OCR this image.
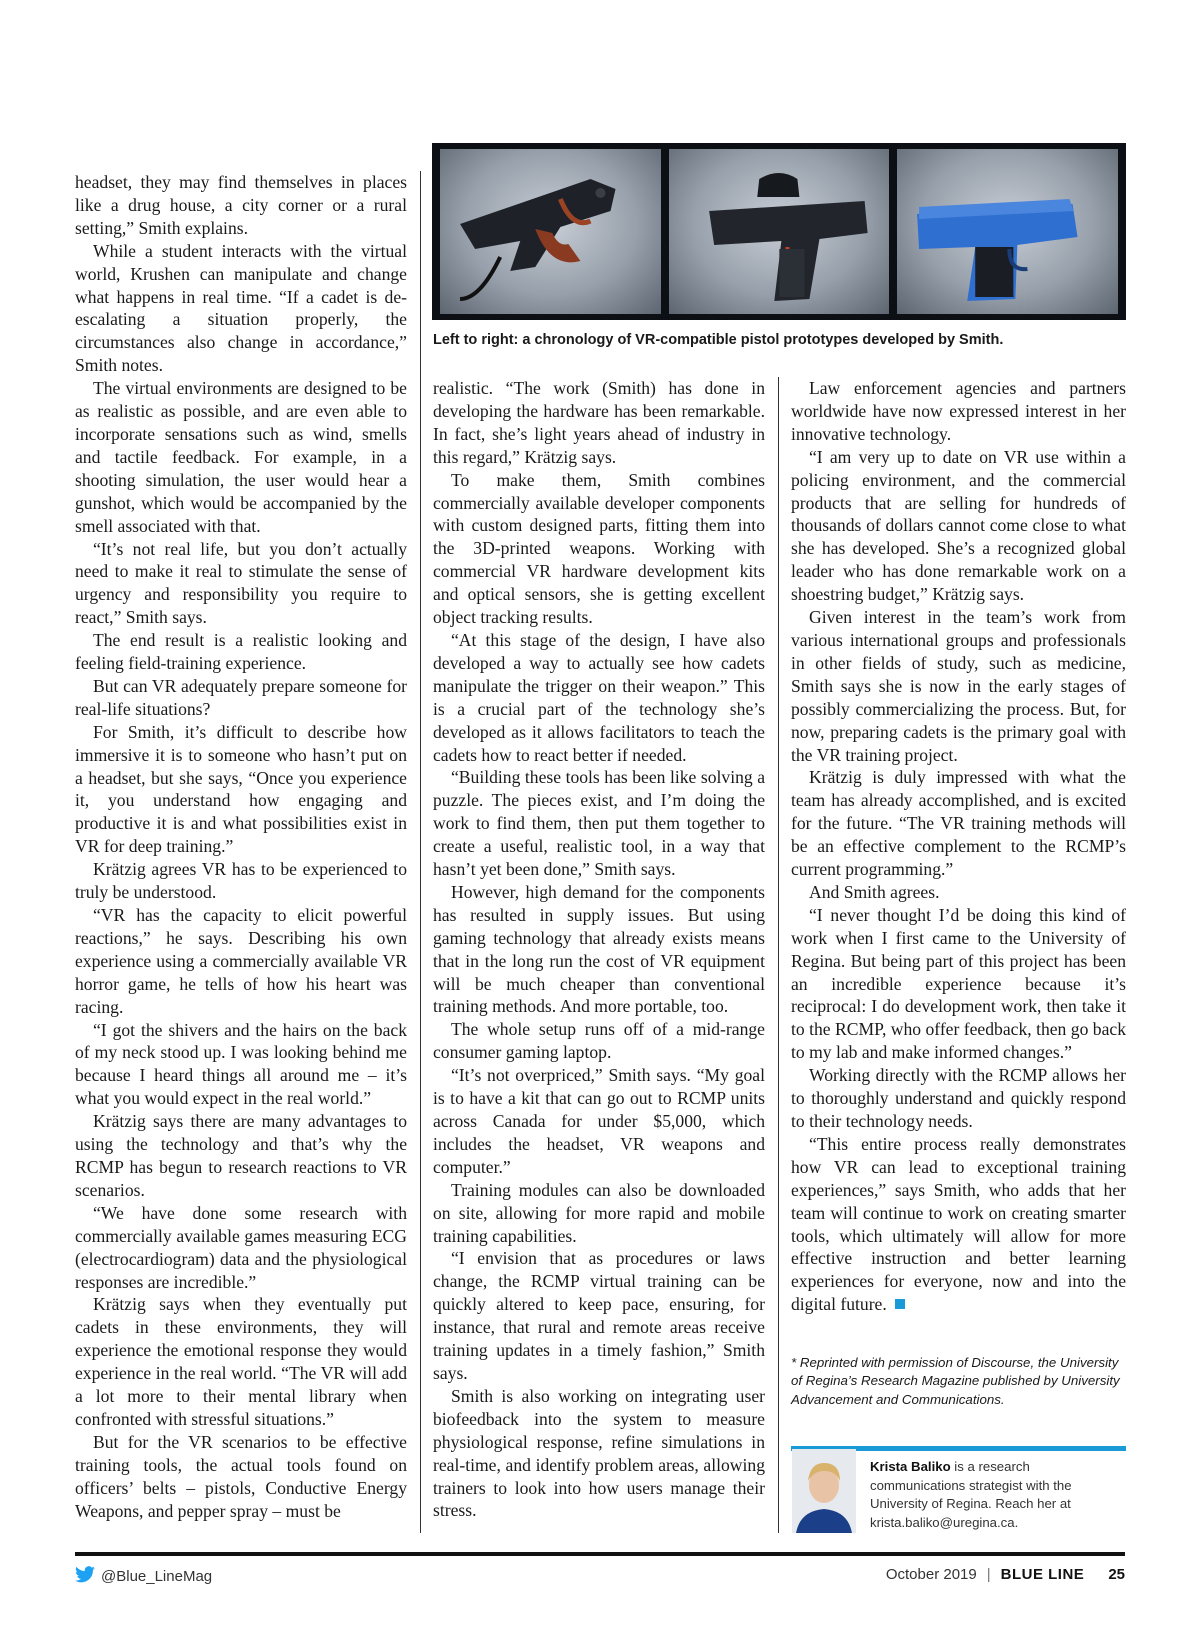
Left to right: a chronology of VR-compatible pistol prototypes developed by Smith.

headset, they may find themselves in places like a drug house, a city corner or a rural setting,” Smith explains.

While a student interacts with the virtual world, Krushen can manipulate and change what happens in real time. “If a cadet is de-escalating a situation properly, the circumstances also change in accordance,” Smith notes.

The virtual environments are designed to be as realistic as possible, and are even able to incorporate sensations such as wind, smells and tactile feedback. For example, in a shooting simulation, the user would hear a gunshot, which would be accompanied by the smell associated with that.

“It’s not real life, but you don’t actually need to make it real to stimulate the sense of urgency and responsibility you require to react,” Smith says.

The end result is a realistic looking and feeling field-training experience.

But can VR adequately prepare someone for real-life situations?

For Smith, it’s difficult to describe how immersive it is to someone who hasn’t put on a headset, but she says, “Once you experience it, you understand how engaging and productive it is and what possibilities exist in VR for deep training.”

Krätzig agrees VR has to be experienced to truly be understood.

“VR has the capacity to elicit powerful reactions,” he says. Describing his own experience using a commercially available VR horror game, he tells of how his heart was racing.

“I got the shivers and the hairs on the back of my neck stood up. I was looking behind me because I heard things all around me – it’s what you would expect in the real world.”

Krätzig says there are many advantages to using the technology and that’s why the RCMP has begun to research reactions to VR scenarios.

“We have done some research with commercially available games measuring ECG (electrocardiogram) data and the physiological responses are incredible.”

Krätzig says when they eventually put cadets in these environments, they will experience the emotional response they would experience in the real world. “The VR will add a lot more to their mental library when confronted with stressful situations.”

But for the VR scenarios to be effective training tools, the actual tools found on officers’ belts – pistols, Conductive Energy Weapons, and pepper spray – must be

realistic. “The work (Smith) has done in developing the hardware has been remarkable. In fact, she’s light years ahead of industry in this regard,” Krätzig says.

To make them, Smith combines commercially available developer components with custom designed parts, fitting them into the 3D-printed weapons. Working with commercial VR hardware development kits and optical sensors, she is getting excellent object tracking results.

“At this stage of the design, I have also developed a way to actually see how cadets manipulate the trigger on their weapon.” This is a crucial part of the technology she’s developed as it allows facilitators to teach the cadets how to react better if needed.

“Building these tools has been like solving a puzzle. The pieces exist, and I’m doing the work to find them, then put them together to create a useful, realistic tool, in a way that hasn’t yet been done,” Smith says.

However, high demand for the components has resulted in supply issues. But using gaming technology that already exists means that in the long run the cost of VR equipment will be much cheaper than conventional training methods. And more portable, too.

The whole setup runs off of a mid-range consumer gaming laptop.

“It’s not overpriced,” Smith says. “My goal is to have a kit that can go out to RCMP units across Canada for under $5,000, which includes the headset, VR weapons and computer.”

Training modules can also be downloaded on site, allowing for more rapid and mobile training capabilities.

“I envision that as procedures or laws change, the RCMP virtual training can be quickly altered to keep pace, ensuring, for instance, that rural and remote areas receive training updates in a timely fashion,” Smith says.

Smith is also working on integrating user biofeedback into the system to measure physiological response, refine simulations in real-time, and identify problem areas, allowing trainers to look into how users manage their stress.

Law enforcement agencies and partners worldwide have now expressed interest in her innovative technology.

“I am very up to date on VR use within a policing environment, and the commercial products that are selling for hundreds of thousands of dollars cannot come close to what she has developed. She’s a recognized global leader who has done remarkable work on a shoestring budget,” Krätzig says.

Given interest in the team’s work from various international groups and professionals in other fields of study, such as medicine, Smith says she is now in the early stages of possibly commercializing the process. But, for now, preparing cadets is the primary goal with the VR training project.

Krätzig is duly impressed with what the team has already accomplished, and is excited for the future. “The VR training methods will be an effective complement to the RCMP’s current programming.”

And Smith agrees.

“I never thought I’d be doing this kind of work when I first came to the University of Regina. But being part of this project has been an incredible experience because it’s reciprocal: I do development work, then take it to the RCMP, who offer feedback, then go back to my lab and make informed changes.”

Working directly with the RCMP allows her to thoroughly understand and quickly respond to their technology needs.

“This entire process really demonstrates how VR can lead to exceptional training experiences,” says Smith, who adds that her team will continue to work on creating smarter tools, which ultimately will allow for more effective instruction and better learning experiences for everyone, now and into the digital future.

* Reprinted with permission of Discourse, the University of Regina’s Research Magazine published by University Advancement and Communications.
Krista Baliko is a research communications strategist with the University of Regina. Reach her at krista.baliko@uregina.ca.
@Blue_LineMag	October 2019 | BLUE LINE 25
